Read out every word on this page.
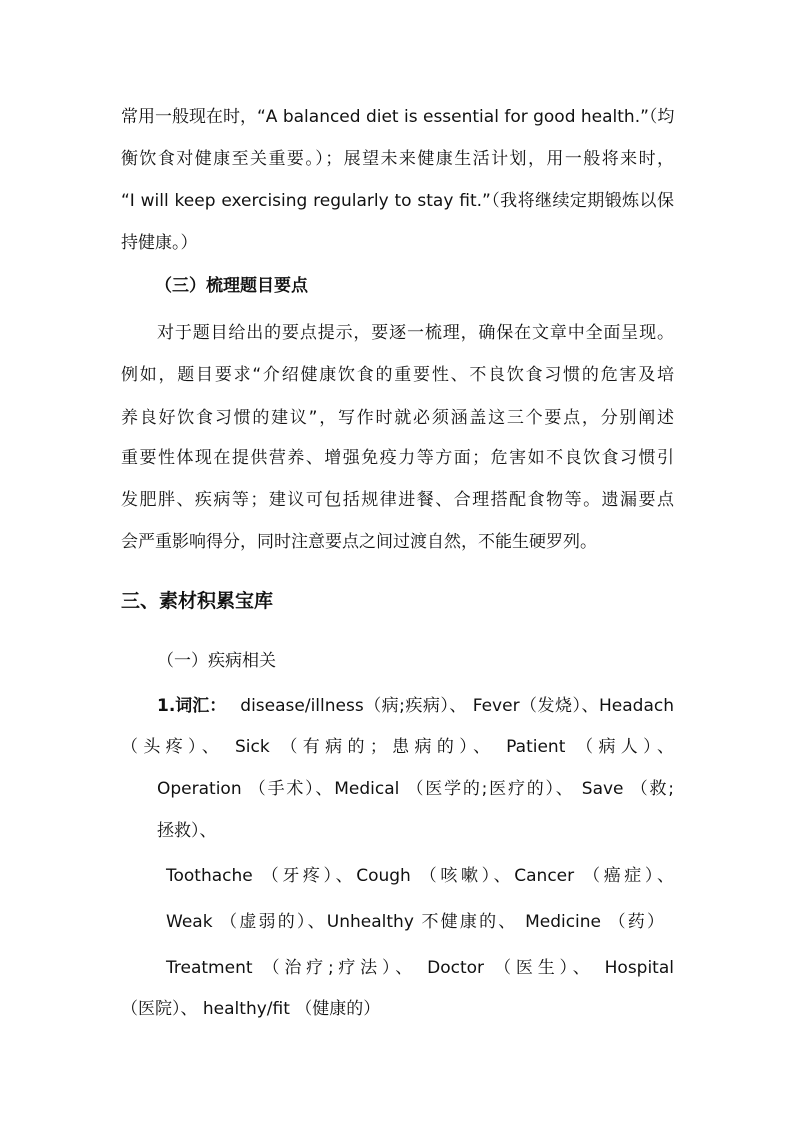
常用一般现在时，“A balanced diet is essential for good health.”（均

衡饮食对健康至关重要。）；展望未来健康生活计划，用一般将来时，

“I will keep exercising regularly to stay fit.”（我将继续定期锻炼以保

持健康。）

（三）梳理题目要点

对于题目给出的要点提示，要逐一梳理，确保在文章中全面呈现。

例如，题目要求“介绍健康饮食的重要性、不良饮食习惯的危害及培

养良好饮食习惯的建议”，写作时就必须涵盖这三个要点，分别阐述

重要性体现在提供营养、增强免疫力等方面；危害如不良饮食习惯引

发肥胖、疾病等；建议可包括规律进餐、合理搭配食物等。遗漏要点

会严重影响得分，同时注意要点之间过渡自然，不能生硬罗列。

三、素材积累宝库

（一）疾病相关

1.词汇： disease/illness（病;疾病）、 Fever（发烧）、Headach

（头疼）、 Sick （有病的；患病的）、 Patient （病人）、

Operation （手术）、Medical （医学的;医疗的）、 Save （救;

拯救）、

Toothache （牙疼）、Cough （咳嗽）、Cancer （癌症）、

Weak （虚弱的）、Unhealthy 不健康的、 Medicine （药）

Treatment （治疗;疗法）、 Doctor （医生）、 Hospital

（医院）、 healthy/fit （健康的）
